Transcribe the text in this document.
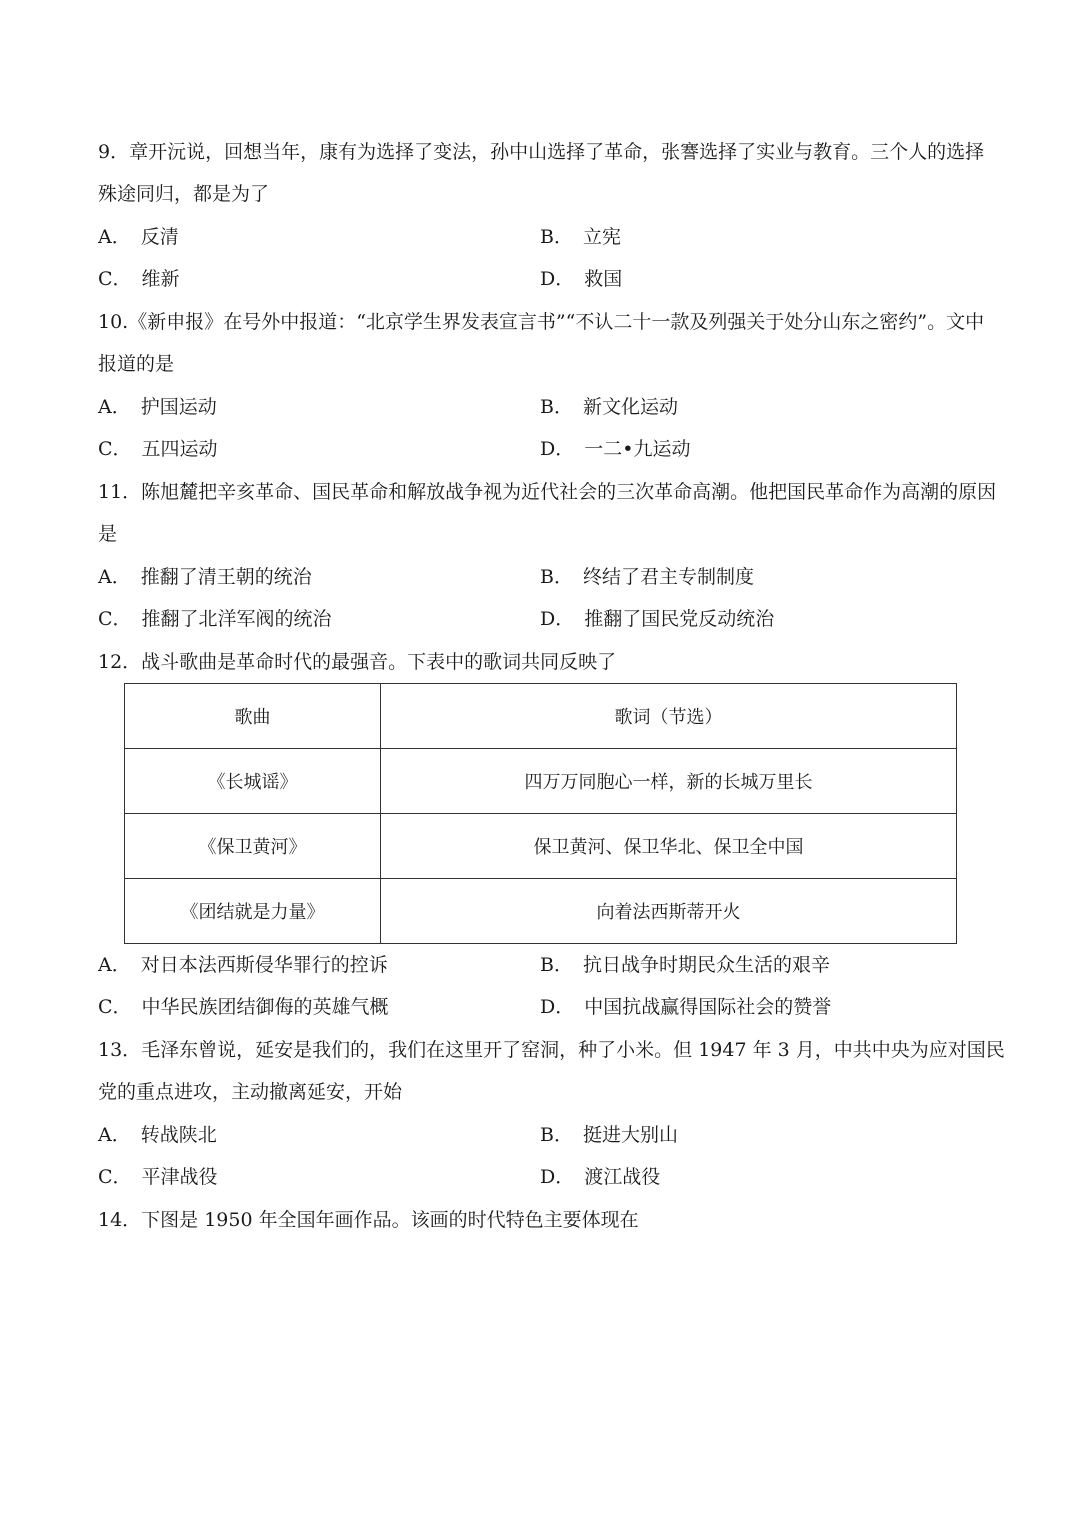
9．章开沅说，回想当年，康有为选择了变法，孙中山选择了革命，张謇选择了实业与教育。三个人的选择
殊途同归，都是为了
A． 反清	B． 立宪
C． 维新	D． 救国
10.《新申报》在号外中报道：“北京学生界发表宣言书”“不认二十一款及列强关于处分山东之密约”。文中
报道的是
A． 护国运动	B． 新文化运动
C． 五四运动	D． 一二•九运动
11．陈旭麓把辛亥革命、国民革命和解放战争视为近代社会的三次革命高潮。他把国民革命作为高潮的原因
是
A． 推翻了清王朝的统治	B． 终结了君主专制制度
C． 推翻了北洋军阀的统治	D． 推翻了国民党反动统治
12．战斗歌曲是革命时代的最强音。下表中的歌词共同反映了
歌曲	歌词（节选）
《长城谣》	四万万同胞心一样，新的长城万里长
《保卫黄河》	保卫黄河、保卫华北、保卫全中国
《团结就是力量》	向着法西斯蒂开火
A． 对日本法西斯侵华罪行的控诉	B． 抗日战争时期民众生活的艰辛
C． 中华民族团结御侮的英雄气概	D． 中国抗战赢得国际社会的赞誉
13．毛泽东曾说，延安是我们的，我们在这里开了窑洞，种了小米。但 1947 年 3 月，中共中央为应对国民
党的重点进攻，主动撤离延安，开始
A． 转战陕北	B． 挺进大别山
C． 平津战役	D． 渡江战役
14．下图是 1950 年全国年画作品。该画的时代特色主要体现在
